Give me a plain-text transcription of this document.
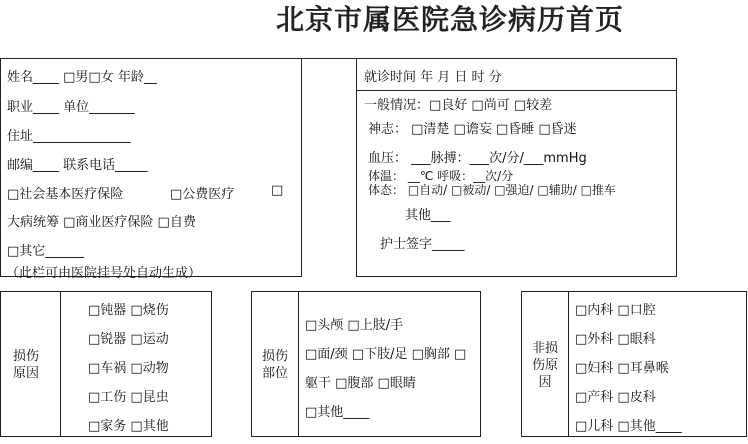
北京市属医院急诊病历首页
姓名____ □男□女 年龄__
职业____ 单位_______
住址_______________
邮编____ 联系电话_____
□社会基本医疗保险	□公费医疗	□
大病统筹 □商业医疗保险 □自费
□其它______
（此栏可由医院挂号处自动生成）
就诊时间 年 月 日 时 分
一般情况：□良好 □尚可 □较差
神志： □清楚 □谵妄 □昏睡 □昏迷
血压： ___脉搏：___次/分/___mmHg
体温： __℃ 呼吸：__次/分
体态： □自动/ □被动/ □强迫/ □辅助/ □推车
其他___
护士签字_____
损伤
原因
□钝器 □烧伤
□锐器 □运动
□车祸 □动物
□工伤 □昆虫
□家务 □其他
损伤
部位
□头颅 □上肢/手
□面/颈 □下肢/足 □胸部 □
躯干 □腹部 □眼睛
□其他____
非损
伤原
因
□内科 □口腔
□外科 □眼科
□妇科 □耳鼻喉
□产科 □皮科
□儿科 □其他____
